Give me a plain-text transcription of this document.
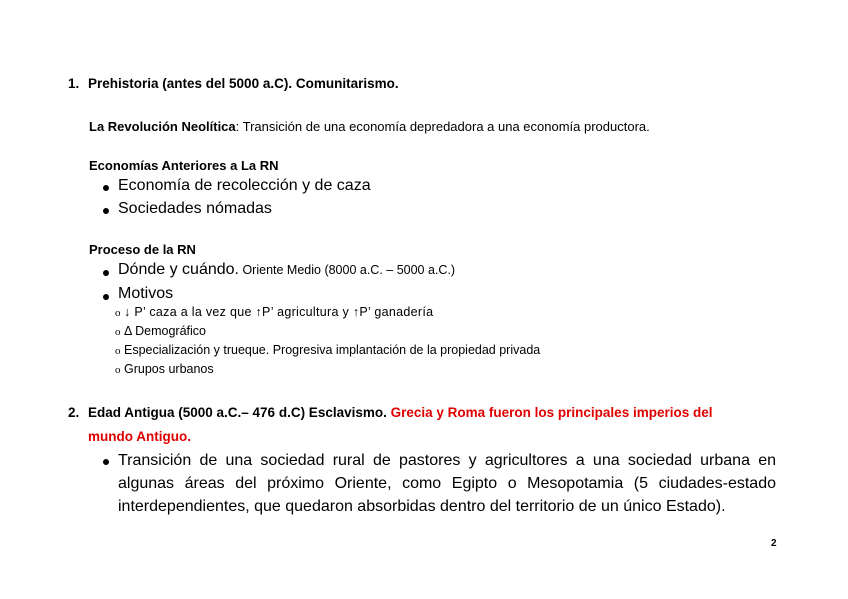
1. Prehistoria (antes del 5000 a.C). Comunitarismo.
La Revolución Neolítica: Transición de una economía depredadora a una economía productora.
Economías Anteriores a La RN
Economía de recolección y de caza
Sociedades nómadas
Proceso de la RN
Dónde y cuándo. Oriente Medio (8000 a.C. – 5000 a.C.)
Motivos
o ↓ P’ caza a la vez que ↑P’ agricultura y ↑P’ ganadería
o Δ Demográfico
o Especialización y trueque. Progresiva implantación de la propiedad privada
o Grupos urbanos
2. Edad Antigua (5000 a.C.– 476 d.C) Esclavismo. Grecia y Roma fueron los principales imperios del
mundo Antiguo.
Transición de una sociedad rural de pastores y agricultores a una sociedad urbana en
algunas áreas del próximo Oriente, como Egipto o Mesopotamia (5 ciudades-estado
interdependientes, que quedaron absorbidas dentro del territorio de un único Estado).
2
